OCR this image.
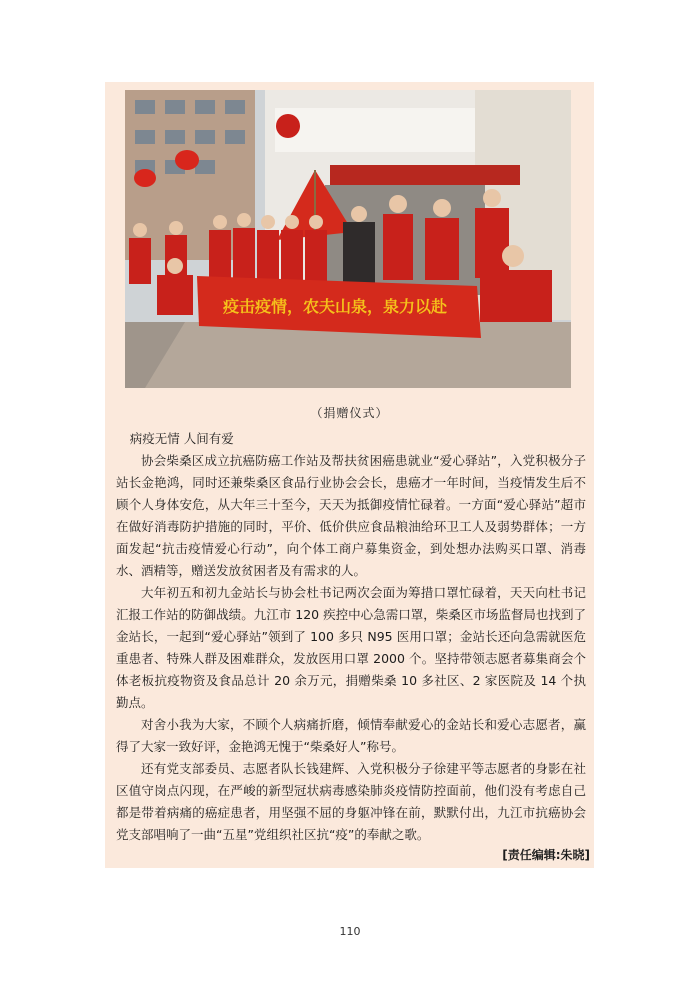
疫击疫情，农夫山泉，泉力以赴
（捐赠仪式）

病疫无情 人间有爱

协会柴桑区成立抗癌防癌工作站及帮扶贫困癌患就业“爱心驿站”，入党积极分子站长金艳鸿，同时还兼柴桑区食品行业协会会长，患癌才一年时间，当疫情发生后不顾个人身体安危，从大年三十至今，天天为抵御疫情忙碌着。一方面“爱心驿站”超市在做好消毒防护措施的同时，平价、低价供应食品粮油给环卫工人及弱势群体；一方面发起“抗击疫情爱心行动”，向个体工商户募集资金，到处想办法购买口罩、消毒水、酒精等，赠送发放贫困者及有需求的人。

大年初五和初九金站长与协会杜书记两次会面为筹措口罩忙碌着，天天向杜书记汇报工作站的防御战绩。九江市 120 疾控中心急需口罩，柴桑区市场监督局也找到了金站长，一起到“爱心驿站”领到了 100 多只 N95 医用口罩；金站长还向急需就医危重患者、特殊人群及困难群众，发放医用口罩 2000 个。坚持带领志愿者募集商会个体老板抗疫物资及食品总计 20 余万元，捐赠柴桑 10 多社区、2 家医院及 14 个执勤点。

对舍小我为大家，不顾个人病痛折磨，倾情奉献爱心的金站长和爱心志愿者，赢得了大家一致好评，金艳鸿无愧于“柴桑好人”称号。

还有党支部委员、志愿者队长钱建辉、入党积极分子徐建平等志愿者的身影在社区值守岗点闪现，在严峻的新型冠状病毒感染肺炎疫情防控面前，他们没有考虑自己都是带着病痛的癌症患者，用坚强不屈的身躯冲锋在前，默默付出，九江市抗癌协会党支部唱响了一曲“五星”党组织社区抗“疫”的奉献之歌。

[责任编辑:朱晓]
110
